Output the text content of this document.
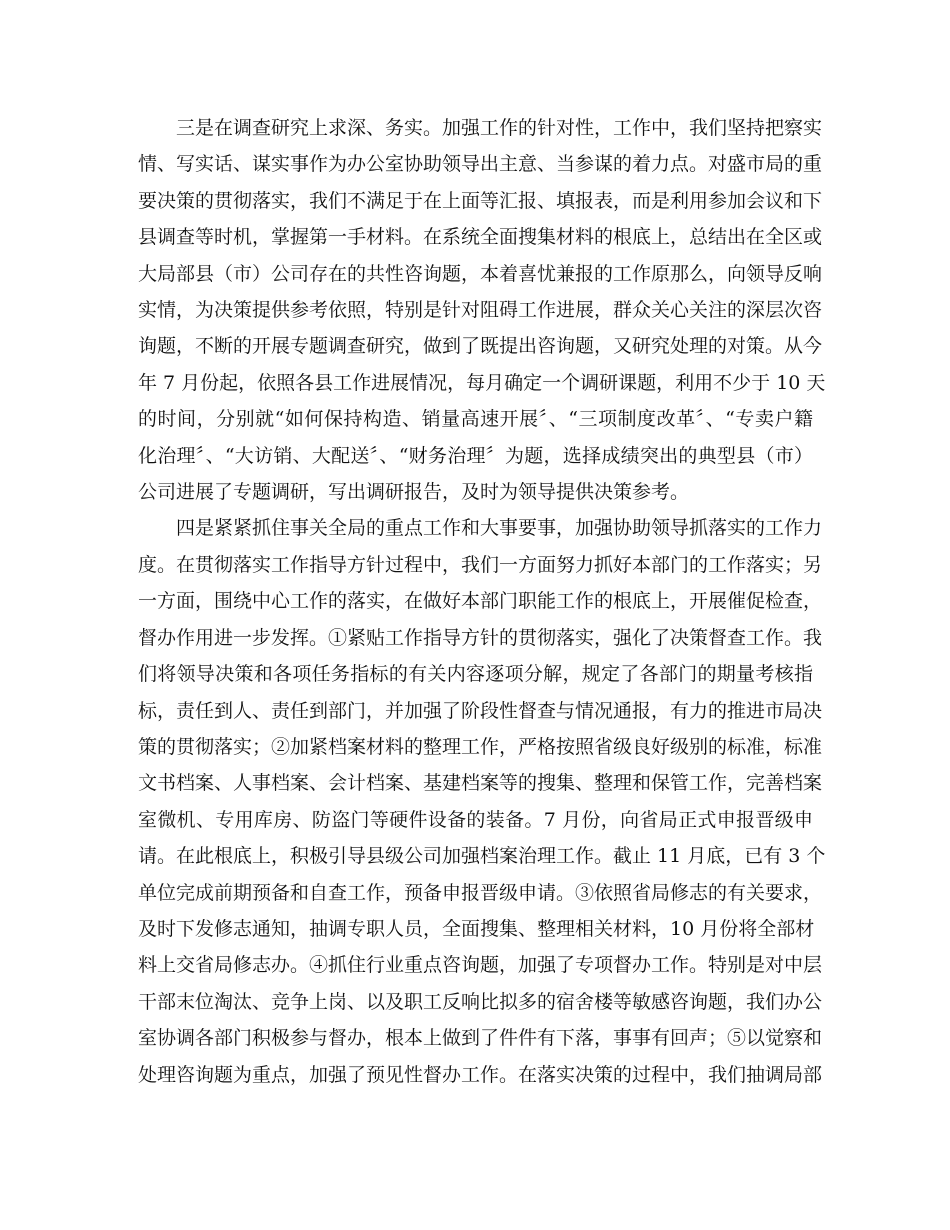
三是在调查研究上求深、务实。加强工作的针对性，工作中，我们坚持把察实
情、写实话、谋实事作为办公室协助领导出主意、当参谋的着力点。对盛市局的重
要决策的贯彻落实，我们不满足于在上面等汇报、填报表，而是利用参加会议和下
县调查等时机，掌握第一手材料。在系统全面搜集材料的根底上，总结出在全区或
大局部县（市）公司存在的共性咨询题，本着喜忧兼报的工作原那么，向领导反响
实情，为决策提供参考依照，特别是针对阻碍工作进展，群众关心关注的深层次咨
询题，不断的开展专题调查研究，做到了既提出咨询题，又研究处理的对策。从今
年 7 月份起，依照各县工作进展情况，每月确定一个调研课题，利用不少于 10 天
的时间，分别就“如何保持构造、销量高速开展〞、“三项制度改革〞、“专卖户籍
化治理〞、“大访销、大配送〞、“财务治理〞为题，选择成绩突出的典型县（市）
公司进展了专题调研，写出调研报告，及时为领导提供决策参考。
四是紧紧抓住事关全局的重点工作和大事要事，加强协助领导抓落实的工作力
度。在贯彻落实工作指导方针过程中，我们一方面努力抓好本部门的工作落实；另
一方面，围绕中心工作的落实，在做好本部门职能工作的根底上，开展催促检查，
督办作用进一步发挥。①紧贴工作指导方针的贯彻落实，强化了决策督查工作。我
们将领导决策和各项任务指标的有关内容逐项分解，规定了各部门的期量考核指
标，责任到人、责任到部门，并加强了阶段性督查与情况通报，有力的推进市局决
策的贯彻落实；②加紧档案材料的整理工作，严格按照省级良好级别的标准，标准
文书档案、人事档案、会计档案、基建档案等的搜集、整理和保管工作，完善档案
室微机、专用库房、防盗门等硬件设备的装备。7 月份，向省局正式申报晋级申
请。在此根底上，积极引导县级公司加强档案治理工作。截止 11 月底，已有 3 个
单位完成前期预备和自查工作，预备申报晋级申请。③依照省局修志的有关要求，
及时下发修志通知，抽调专职人员，全面搜集、整理相关材料，10 月份将全部材
料上交省局修志办。④抓住行业重点咨询题，加强了专项督办工作。特别是对中层
干部末位淘汰、竞争上岗、以及职工反响比拟多的宿舍楼等敏感咨询题，我们办公
室协调各部门积极参与督办，根本上做到了件件有下落，事事有回声；⑤以觉察和
处理咨询题为重点，加强了预见性督办工作。在落实决策的过程中，我们抽调局部
